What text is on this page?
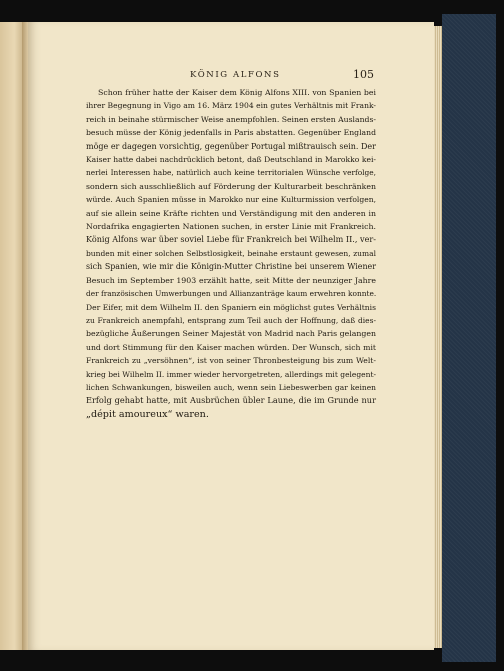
KÖNIG ALFONS	105
Schon früher hatte der Kaiser dem König Alfons XIII. von Spanien bei
ihrer Begegnung in Vigo am 16. März 1904 ein gutes Verhältnis mit Frank-
reich in beinahe stürmischer Weise anempfohlen. Seinen ersten Auslands-
besuch müsse der König jedenfalls in Paris abstatten. Gegenüber England
möge er dagegen vorsichtig, gegenüber Portugal mißtrauisch sein. Der
Kaiser hatte dabei nachdrücklich betont, daß Deutschland in Marokko kei-
nerlei Interessen habe, natürlich auch keine territorialen Wünsche verfolge,
sondern sich ausschließlich auf Förderung der Kulturarbeit beschränken
würde. Auch Spanien müsse in Marokko nur eine Kulturmission verfolgen,
auf sie allein seine Kräfte richten und Verständigung mit den anderen in
Nordafrika engagierten Nationen suchen, in erster Linie mit Frankreich.
König Alfons war über soviel Liebe für Frankreich bei Wilhelm II., ver-
bunden mit einer solchen Selbstlosigkeit, beinahe erstaunt gewesen, zumal
sich Spanien, wie mir die Königin-Mutter Christine bei unserem Wiener
Besuch im September 1903 erzählt hatte, seit Mitte der neunziger Jahre
der französischen Umwerbungen und Allianzanträge kaum erwehren konnte.
Der Eifer, mit dem Wilhelm II. den Spaniern ein möglichst gutes Verhältnis
zu Frankreich anempfahl, entsprang zum Teil auch der Hoffnung, daß dies-
bezügliche Äußerungen Seiner Majestät von Madrid nach Paris gelangen
und dort Stimmung für den Kaiser machen würden. Der Wunsch, sich mit
Frankreich zu „versöhnen“, ist von seiner Thronbesteigung bis zum Welt-
krieg bei Wilhelm II. immer wieder hervorgetreten, allerdings mit gelegent-
lichen Schwankungen, bisweilen auch, wenn sein Liebeswerben gar keinen
Erfolg gehabt hatte, mit Ausbrüchen übler Laune, die im Grunde nur
„dépit amoureux“ waren.
